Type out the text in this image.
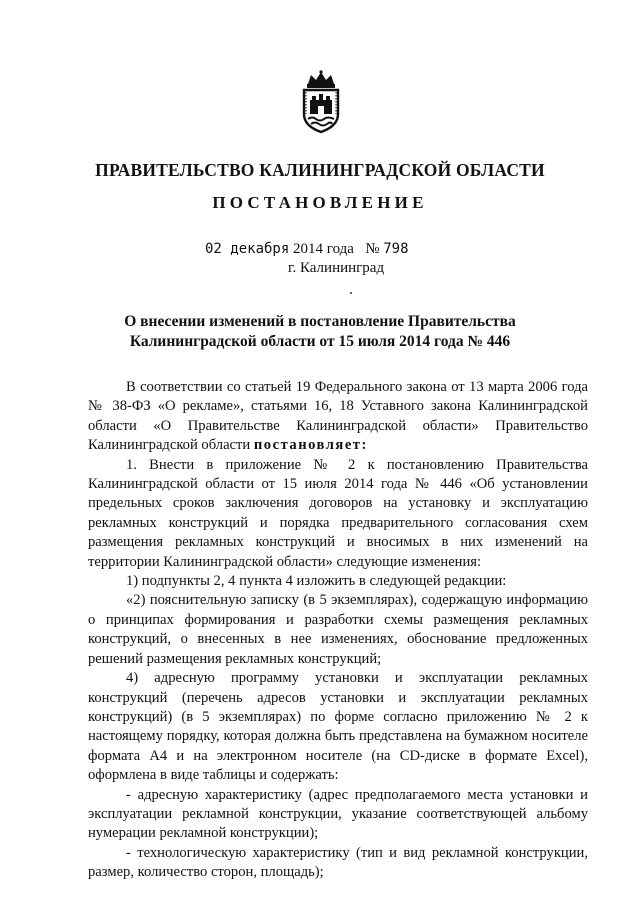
ПРАВИТЕЛЬСТВО КАЛИНИНГРАДСКОЙ ОБЛАСТИ
ПОСТАНОВЛЕНИЕ
02 декабря 2014 года № 798
г. Калининград
О внесении изменений в постановление Правительства
Калининградской области от 15 июля 2014 года № 446

В соответствии со статьей 19 Федерального закона от 13 марта 2006 года № 38-ФЗ «О рекламе», статьями 16, 18 Уставного закона Калининградской области «О Правительстве Калининградской области» Правительство Калининградской области постановляет:

1. Внести в приложение № 2 к постановлению Правительства Калининградской области от 15 июля 2014 года № 446 «Об установлении предельных сроков заключения договоров на установку и эксплуатацию рекламных конструкций и порядка предварительного согласования схем размещения рекламных конструкций и вносимых в них изменений на территории Калининградской области» следующие изменения:

1) подпункты 2, 4 пункта 4 изложить в следующей редакции:

«2) пояснительную записку (в 5 экземплярах), содержащую информацию о принципах формирования и разработки схемы размещения рекламных конструкций, о внесенных в нее изменениях, обоснование предложенных решений размещения рекламных конструкций;

4) адресную программу установки и эксплуатации рекламных конструкций (перечень адресов установки и эксплуатации рекламных конструкций) (в 5 экземплярах) по форме согласно приложению № 2 к настоящему порядку, которая должна быть представлена на бумажном носителе формата А4 и на электронном носителе (на CD-диске в формате Excel), оформлена в виде таблицы и содержать:

- адресную характеристику (адрес предполагаемого места установки и эксплуатации рекламной конструкции, указание соответствующей альбому нумерации рекламной конструкции);

- технологическую характеристику (тип и вид рекламной конструкции, размер, количество сторон, площадь);
